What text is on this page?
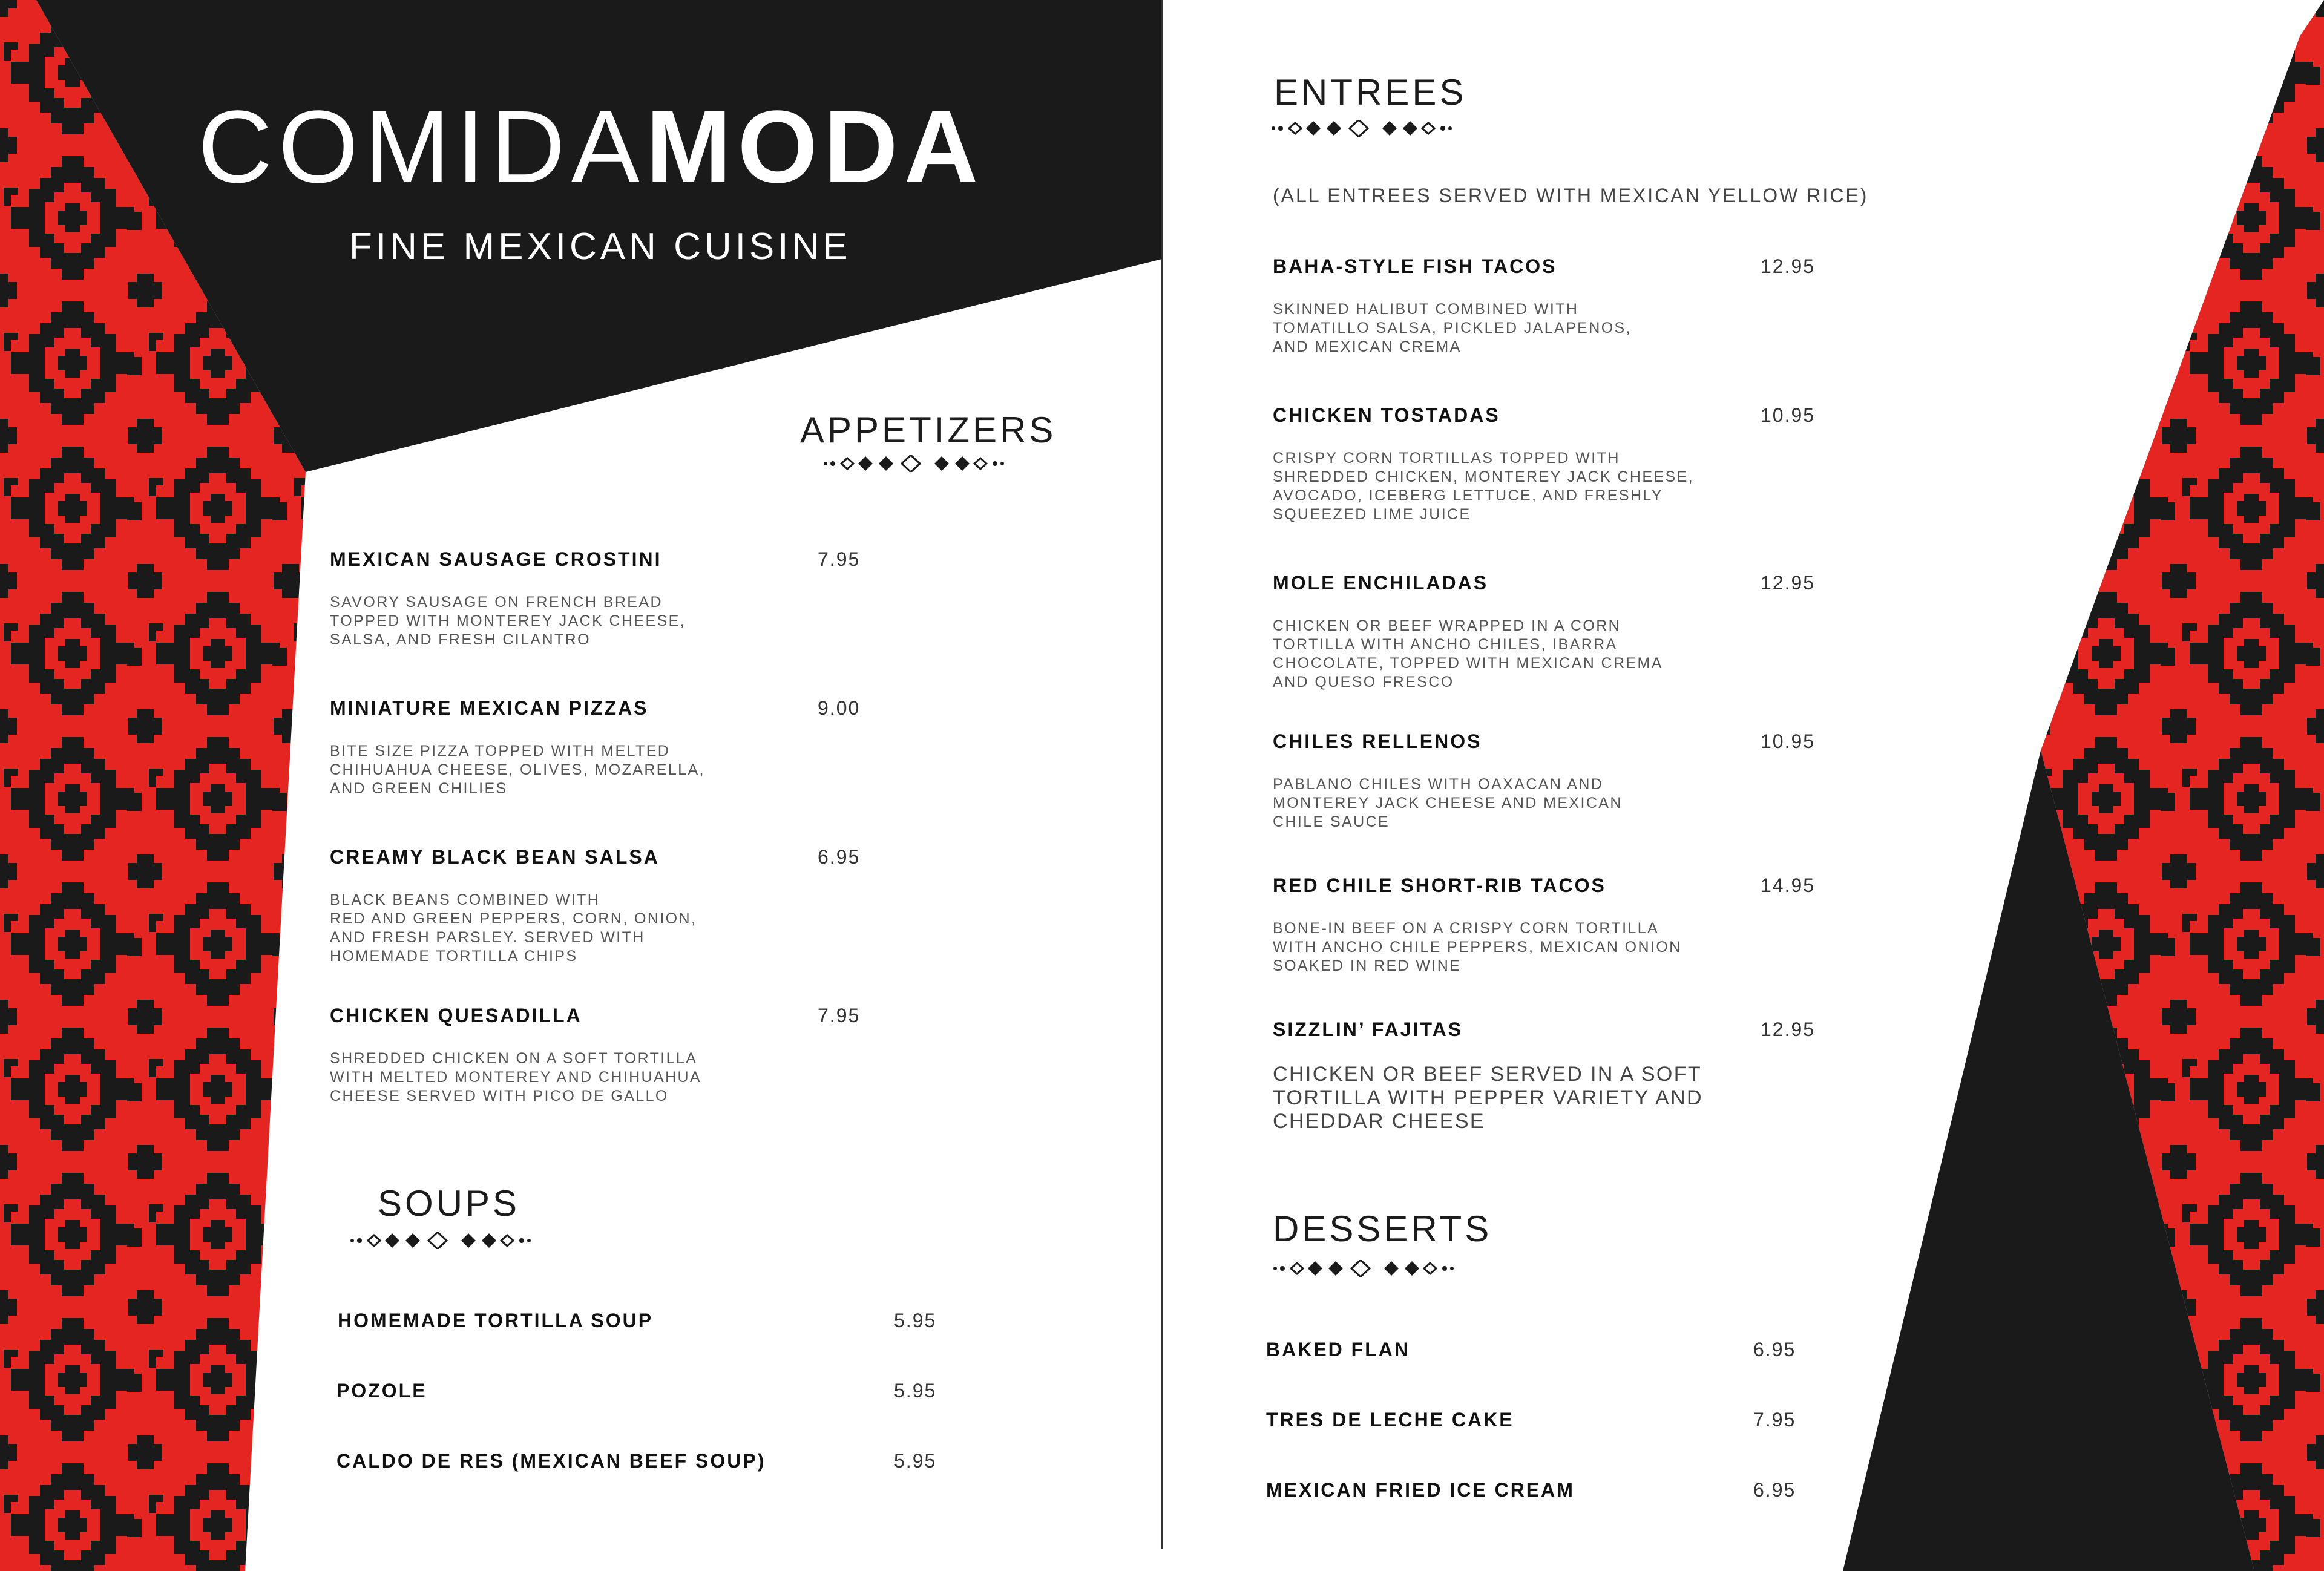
COMIDAMODA
FINE MEXICAN CUISINE
APPETIZERS
MEXICAN SAUSAGE CROSTINI	7.95
SAVORY SAUSAGE ON FRENCH BREAD
TOPPED WITH MONTEREY JACK CHEESE,
SALSA, AND FRESH CILANTRO
MINIATURE MEXICAN PIZZAS	9.00
BITE SIZE PIZZA TOPPED WITH MELTED
CHIHUAHUA CHEESE, OLIVES, MOZARELLA,
AND GREEN CHILIES
CREAMY BLACK BEAN SALSA	6.95
BLACK BEANS COMBINED WITH
RED AND GREEN PEPPERS, CORN, ONION,
AND FRESH PARSLEY. SERVED WITH
HOMEMADE TORTILLA CHIPS
CHICKEN QUESADILLA	7.95
SHREDDED CHICKEN ON A SOFT TORTILLA
WITH MELTED MONTEREY AND CHIHUAHUA
CHEESE SERVED WITH PICO DE GALLO
SOUPS
HOMEMADE TORTILLA SOUP	5.95
POZOLE	5.95
CALDO DE RES (MEXICAN BEEF SOUP)	5.95
ENTREES
(ALL ENTREES SERVED WITH MEXICAN YELLOW RICE)
BAHA-STYLE FISH TACOS	12.95
SKINNED HALIBUT COMBINED WITH
TOMATILLO SALSA, PICKLED JALAPENOS,
AND MEXICAN CREMA
CHICKEN TOSTADAS	10.95
CRISPY CORN TORTILLAS TOPPED WITH
SHREDDED CHICKEN, MONTEREY JACK CHEESE,
AVOCADO, ICEBERG LETTUCE, AND FRESHLY
SQUEEZED LIME JUICE
MOLE ENCHILADAS	12.95
CHICKEN OR BEEF WRAPPED IN A CORN
TORTILLA WITH ANCHO CHILES, IBARRA
CHOCOLATE, TOPPED WITH MEXICAN CREMA
AND QUESO FRESCO
CHILES RELLENOS	10.95
PABLANO CHILES WITH OAXACAN AND
MONTEREY JACK CHEESE AND MEXICAN
CHILE SAUCE
RED CHILE SHORT-RIB TACOS	14.95
BONE-IN BEEF ON A CRISPY CORN TORTILLA
WITH ANCHO CHILE PEPPERS, MEXICAN ONION
SOAKED IN RED WINE
SIZZLIN’ FAJITAS	12.95
CHICKEN OR BEEF SERVED IN A SOFT
TORTILLA WITH PEPPER VARIETY AND
CHEDDAR CHEESE
DESSERTS
BAKED FLAN	6.95
TRES DE LECHE CAKE	7.95
MEXICAN FRIED ICE CREAM	6.95
